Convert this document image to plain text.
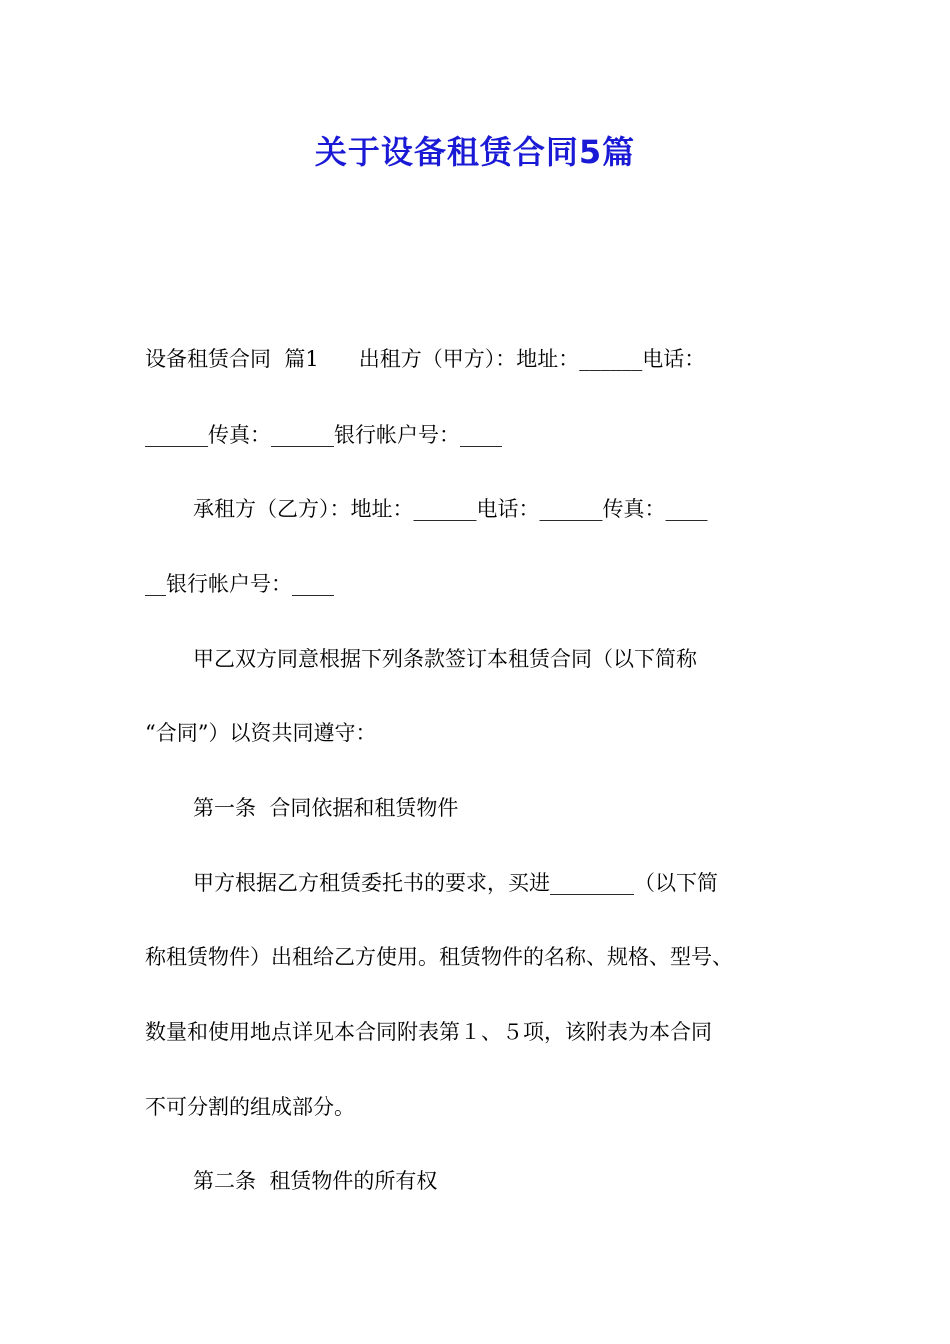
关于设备租赁合同5篇

设备租赁合同  篇1      出租方（甲方）：地址：______电话：

______传真：______银行帐户号：____

承租方（乙方）：地址：______电话：______传真：____

__银行帐户号：____

甲乙双方同意根据下列条款签订本租赁合同（以下简称

“合同”）以资共同遵守：

第一条  合同依据和租赁物件

甲方根据乙方租赁委托书的要求，买进________（以下简

称租赁物件）出租给乙方使用。租赁物件的名称、规格、型号、

数量和使用地点详见本合同附表第１、５项，该附表为本合同

不可分割的组成部分。

第二条  租赁物件的所有权
